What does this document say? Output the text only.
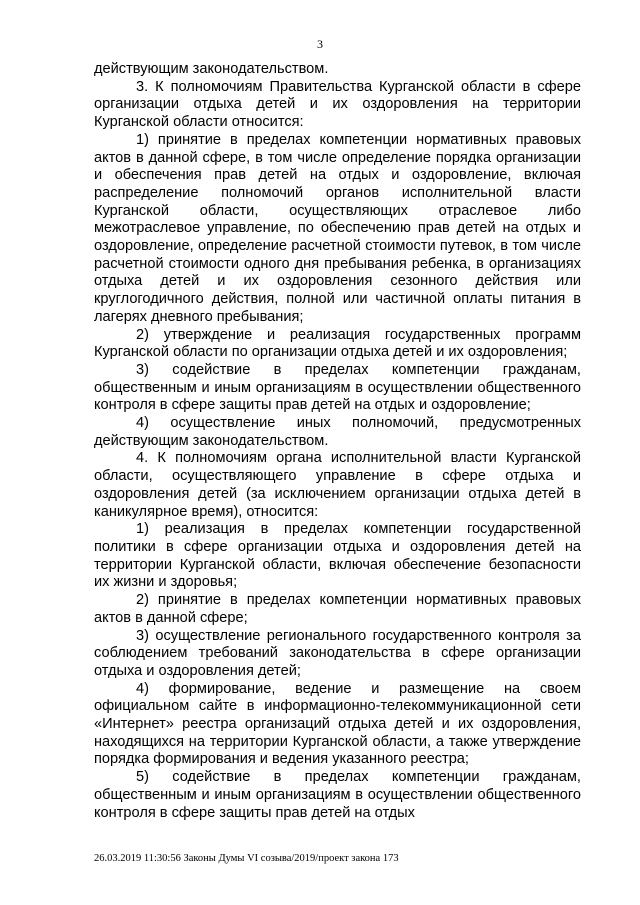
3

действующим законодательством.

3. К полномочиям Правительства Курганской области в сфере организации отдыха детей и их оздоровления на территории Курганской области относится:

1) принятие в пределах компетенции нормативных правовых актов в данной сфере, в том числе определение порядка организации и обеспечения прав детей на отдых и оздоровление, включая распределение полномочий органов исполнительной власти Курганской области, осуществляющих отраслевое либо межотраслевое управление, по обеспечению прав детей на отдых и оздоровление, определение расчетной стоимости путевок, в том числе расчетной стоимости одного дня пребывания ребенка, в организациях отдыха детей и их оздоровления сезонного действия или круглогодичного действия, полной или частичной оплаты питания в лагерях дневного пребывания;

2) утверждение и реализация государственных программ Курганской области по организации отдыха детей и их оздоровления;

3) содействие в пределах компетенции гражданам, общественным и иным организациям в осуществлении общественного контроля в сфере защиты прав детей на отдых и оздоровление;

4) осуществление иных полномочий, предусмотренных действующим законодательством.

4. К полномочиям органа исполнительной власти Курганской области, осуществляющего управление в сфере отдыха и оздоровления детей (за исключением организации отдыха детей в каникулярное время), относится:

1) реализация в пределах компетенции государственной политики в сфере организации отдыха и оздоровления детей на территории Курганской области, включая обеспечение безопасности их жизни и здоровья;

2) принятие в пределах компетенции нормативных правовых актов в данной сфере;

3) осуществление регионального государственного контроля за соблюдением требований законодательства в сфере организации отдыха и оздоровления детей;

4) формирование, ведение и размещение на своем официальном сайте в информационно-телекоммуникационной сети «Интернет» реестра организаций отдыха детей и их оздоровления, находящихся на территории Курганской области, а также утверждение порядка формирования и ведения указанного реестра;

5) содействие в пределах компетенции гражданам, общественным и иным организациям в осуществлении общественного контроля в сфере защиты прав детей на отдых

26.03.2019 11:30:56 Законы Думы VI созыва/2019/проект закона 173
